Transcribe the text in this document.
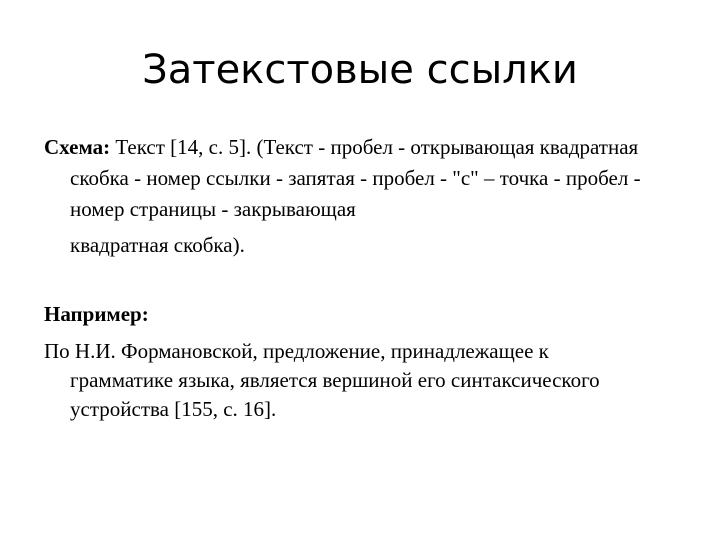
Затекстовые ссылки

Схема: Текст [14, с. 5]. (Текст - пробел - открывающая квадратная скобка - номер ссылки - запятая - пробел - "с" – точка - пробел - номер страницы - закрывающая

квадратная скобка).

Например:

По Н.И. Формановской, предложение, принадлежащее к грамматике языка, является вершиной его синтаксического устройства [155, с. 16].
